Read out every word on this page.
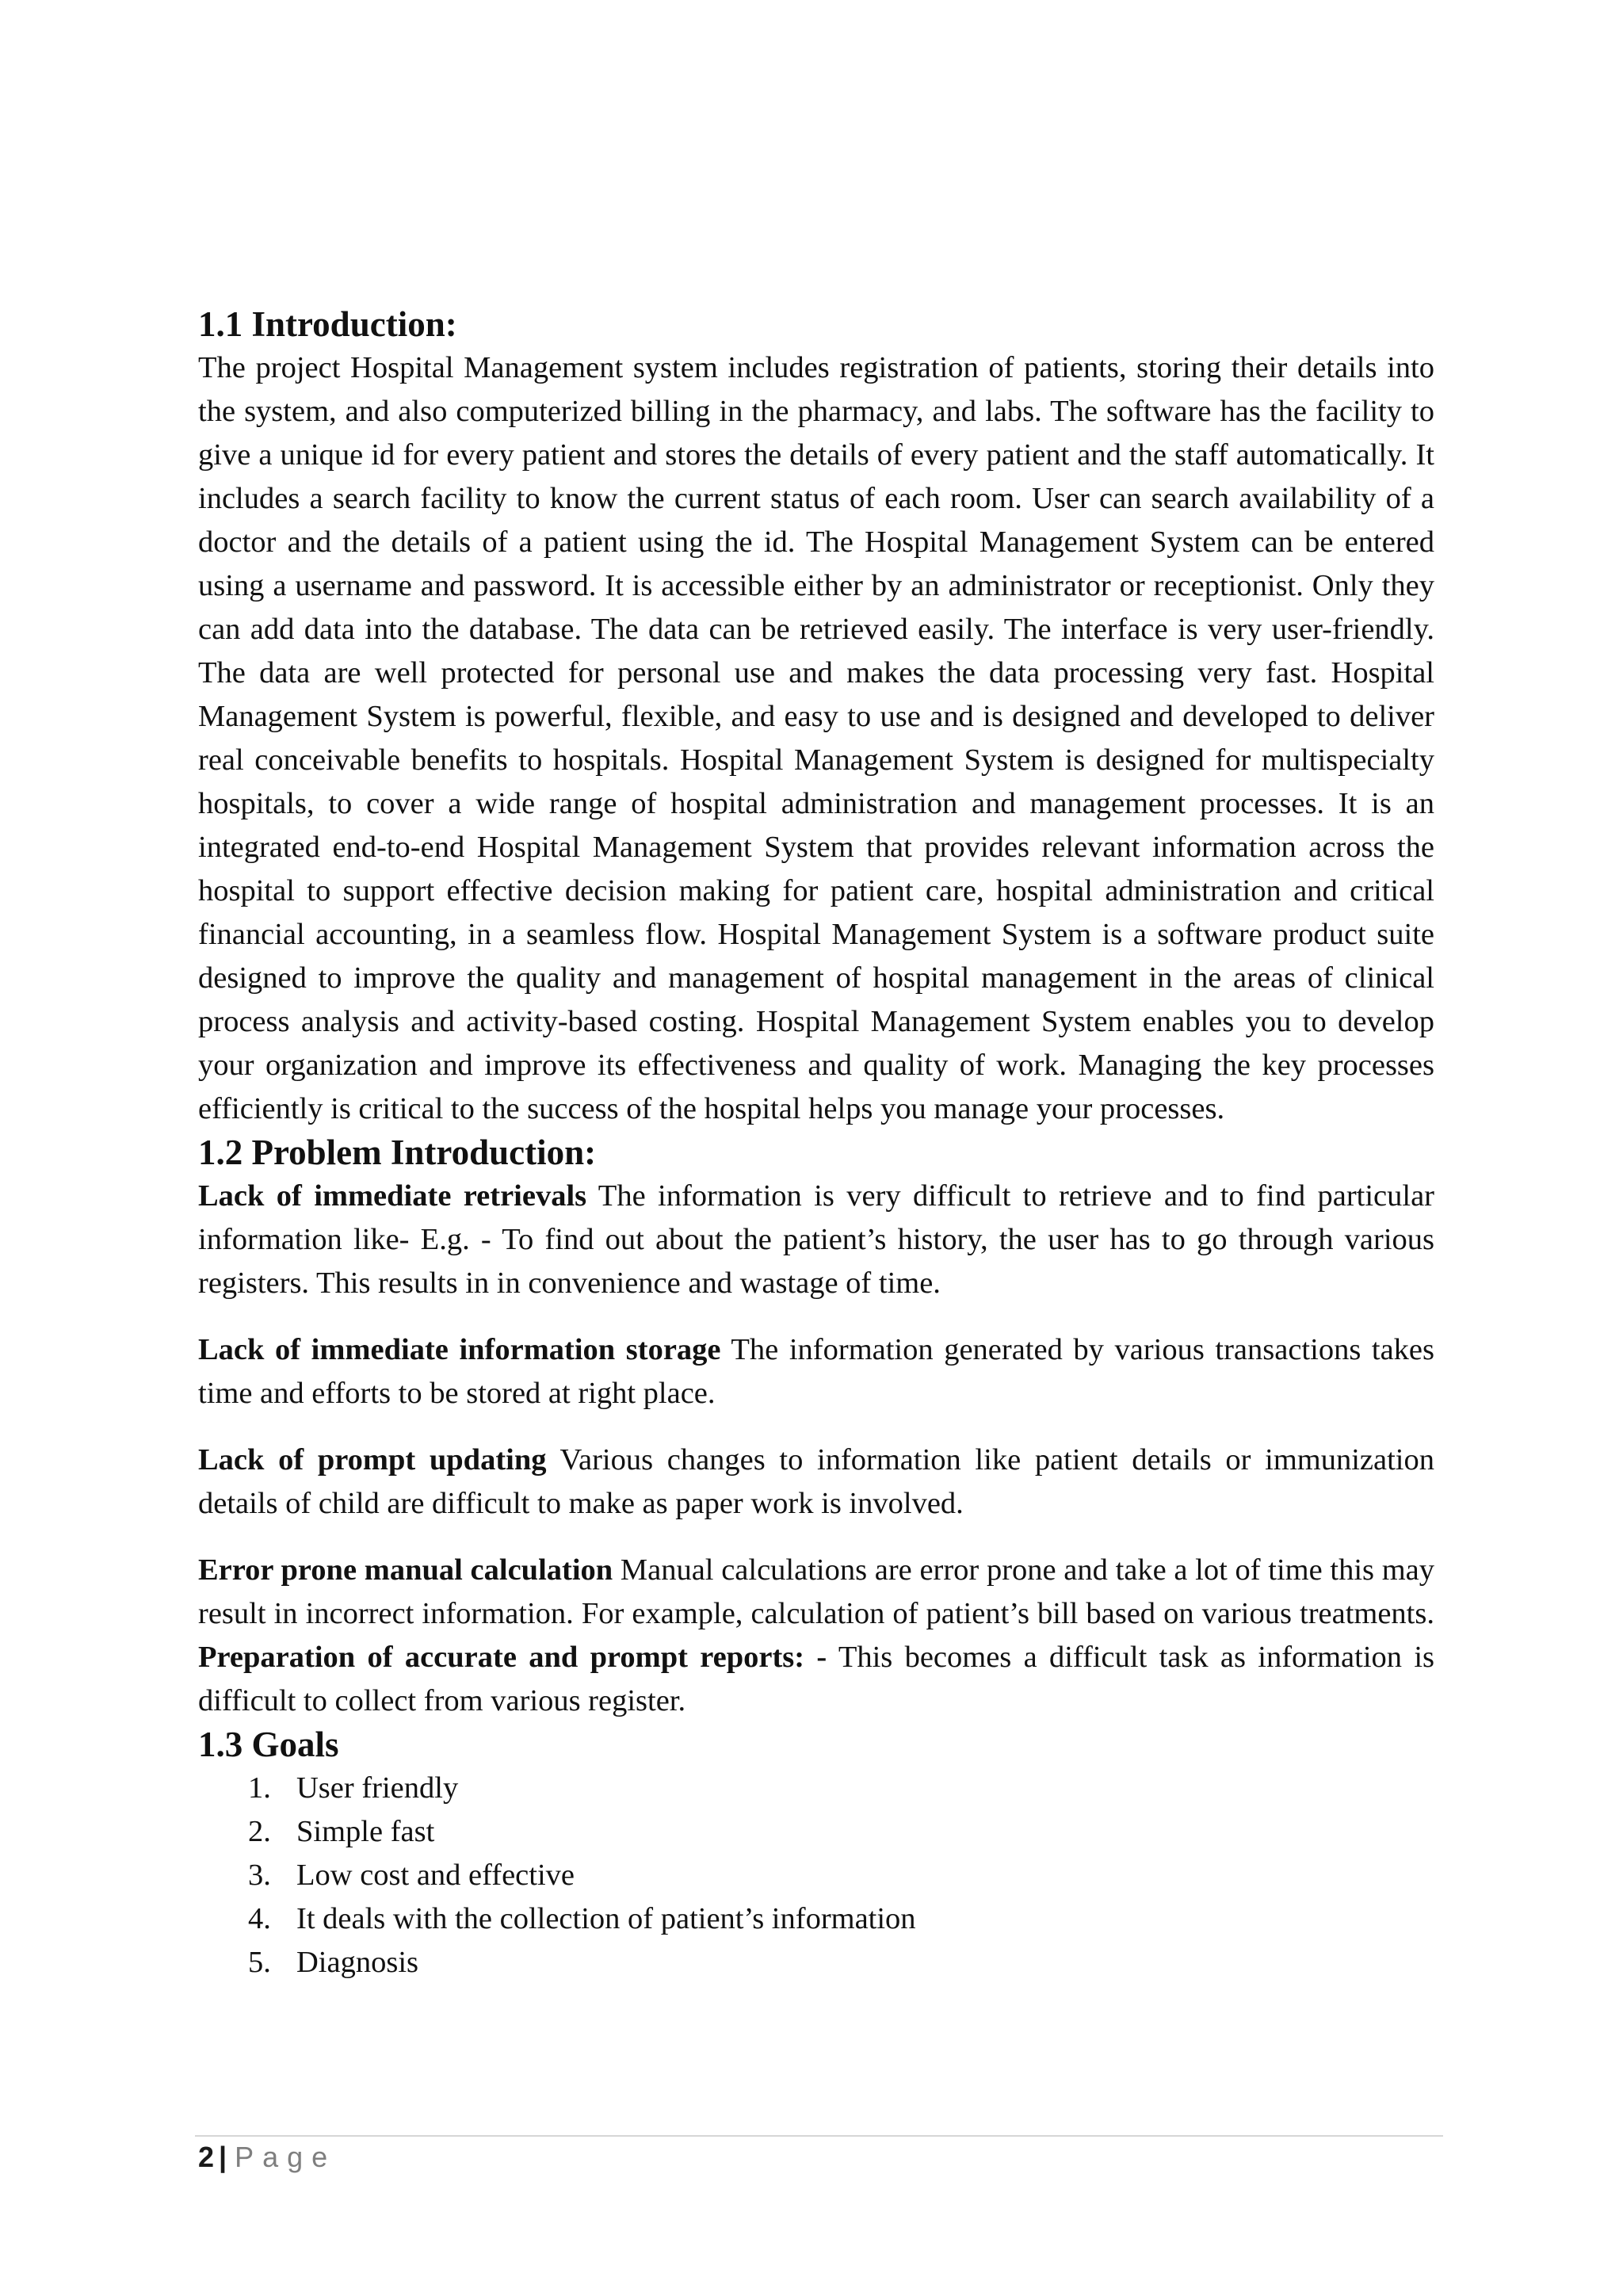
1.1 Introduction:

The project Hospital Management system includes registration of patients, storing their details into the system, and also computerized billing in the pharmacy, and labs. The software has the facility to give a unique id for every patient and stores the details of every patient and the staff automatically. It includes a search facility to know the current status of each room. User can search availability of a doctor and the details of a patient using the id. The Hospital Management System can be entered using a username and password. It is accessible either by an administrator or receptionist. Only they can add data into the database. The data can be retrieved easily. The interface is very user-friendly. The data are well protected for personal use and makes the data processing very fast. Hospital Management System is powerful, flexible, and easy to use and is designed and developed to deliver real conceivable benefits to hospitals. Hospital Management System is designed for multispecialty hospitals, to cover a wide range of hospital administration and management processes. It is an integrated end-to-end Hospital Management System that provides relevant information across the hospital to support effective decision making for patient care, hospital administration and critical financial accounting, in a seamless flow. Hospital Management System is a software product suite designed to improve the quality and management of hospital management in the areas of clinical process analysis and activity-based costing. Hospital Management System enables you to develop your organization and improve its effectiveness and quality of work. Managing the key processes efficiently is critical to the success of the hospital helps you manage your processes.

1.2 Problem Introduction:

Lack of immediate retrievals The information is very difficult to retrieve and to find particular information like- E.g. - To find out about the patient’s history, the user has to go through various registers. This results in in convenience and wastage of time.

Lack of immediate information storage The information generated by various transactions takes time and efforts to be stored at right place.

Lack of prompt updating Various changes to information like patient details or immunization details of child are difficult to make as paper work is involved.

Error prone manual calculation Manual calculations are error prone and take a lot of time this may result in incorrect information. For example, calculation of patient’s bill based on various treatments. Preparation of accurate and prompt reports: - This becomes a difficult task as information is difficult to collect from various register.

1.3 Goals
1. User friendly
2. Simple fast
3. Low cost and effective
4. It deals with the collection of patient’s information
5. Diagnosis
2 | Page
